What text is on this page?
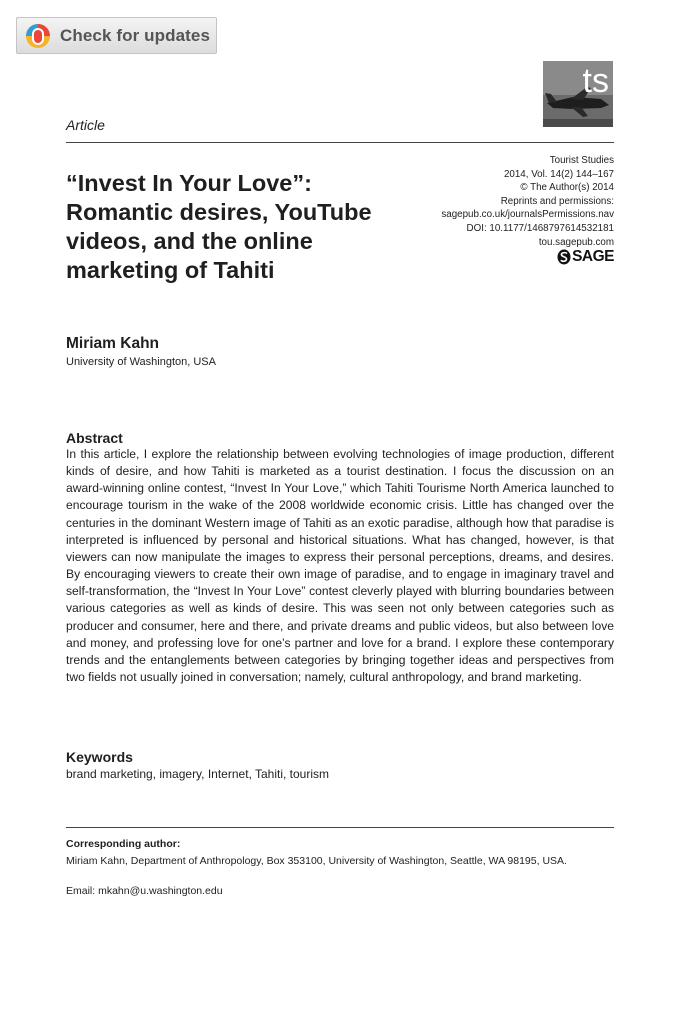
Check for updates
ts
Article
“Invest In Your Love”: Romantic desires, YouTube videos, and the online marketing of Tahiti
Tourist Studies
2014, Vol. 14(2) 144–167
© The Author(s) 2014
Reprints and permissions:
sagepub.co.uk/journalsPermissions.nav
DOI: 10.1177/1468797614532181
tou.sagepub.com
SAGE
Miriam Kahn
University of Washington, USA
Abstract

In this article, I explore the relationship between evolving technologies of image production, different kinds of desire, and how Tahiti is marketed as a tourist destination. I focus the discussion on an award-winning online contest, “Invest In Your Love,” which Tahiti Tourisme North America launched to encourage tourism in the wake of the 2008 worldwide economic crisis. Little has changed over the centuries in the dominant Western image of Tahiti as an exotic paradise, although how that paradise is interpreted is influenced by personal and historical situations. What has changed, however, is that viewers can now manipulate the images to express their personal perceptions, dreams, and desires. By encouraging viewers to create their own image of paradise, and to engage in imaginary travel and self-transformation, the “Invest In Your Love” contest cleverly played with blurring boundaries between various categories as well as kinds of desire. This was seen not only between categories such as producer and consumer, here and there, and private dreams and public videos, but also between love and money, and professing love for one’s partner and love for a brand. I explore these contemporary trends and the entanglements between categories by bringing together ideas and perspectives from two fields not usually joined in conversation; namely, cultural anthropology, and brand marketing.

Keywords
brand marketing, imagery, Internet, Tahiti, tourism
Corresponding author:
Miriam Kahn, Department of Anthropology, Box 353100, University of Washington, Seattle, WA 98195, USA.
Email: mkahn@u.washington.edu
